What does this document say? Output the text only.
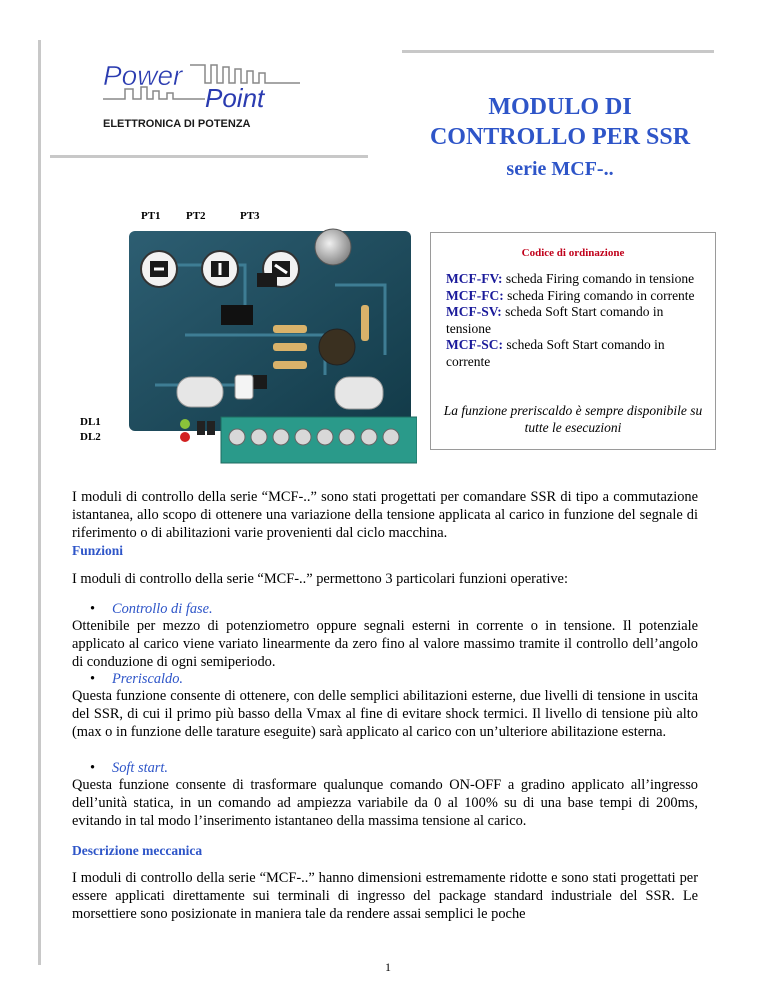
Power
Point
ELETTRONICA DI POTENZA
MODULO DI
CONTROLLO PER SSR
serie MCF-..
PT1 PT2	PT3
DL1
DL2
Codice di ordinazione
MCF-FV: scheda Firing comando in tensione
MCF-FC: scheda Firing comando in corrente
MCF-SV: scheda Soft Start comando in tensione
MCF-SC: scheda Soft Start comando in corrente
La funzione preriscaldo è sempre disponibile su tutte le esecuzioni
I moduli di controllo della serie “MCF-..” sono stati progettati per comandare SSR di tipo a commutazione istantanea, allo scopo di ottenere una variazione della tensione applicata al carico in funzione del segnale di riferimento o di abilitazioni varie provenienti dal ciclo macchina.
Funzioni
I moduli di controllo della serie “MCF-..” permettono 3 particolari funzioni operative:
• Controllo di fase.
Ottenibile per mezzo di potenziometro oppure segnali esterni in corrente o in tensione. Il potenziale applicato al carico viene variato linearmente da zero fino al valore massimo tramite il controllo dell’angolo di conduzione di ogni semiperiodo.
• Preriscaldo.
Questa funzione consente di ottenere, con delle semplici abilitazioni esterne, due livelli di tensione in uscita del SSR, di cui il primo più basso della Vmax al fine di evitare shock termici. Il livello di tensione più alto (max o in funzione delle tarature eseguite) sarà applicato al carico con un’ulteriore abilitazione esterna.
• Soft start.
Questa funzione consente di trasformare qualunque comando ON-OFF a gradino applicato all’ingresso dell’unità statica, in un comando ad ampiezza variabile da 0 al 100% su di una base tempi di 200ms, evitando in tal modo l’inserimento istantaneo della massima tensione al carico.
Descrizione meccanica
I moduli di controllo della serie “MCF-..” hanno dimensioni estremamente ridotte e sono stati progettati per essere applicati direttamente sui terminali di ingresso del package standard industriale del SSR. Le morsettiere sono posizionate in maniera tale da rendere assai semplici le poche
1
